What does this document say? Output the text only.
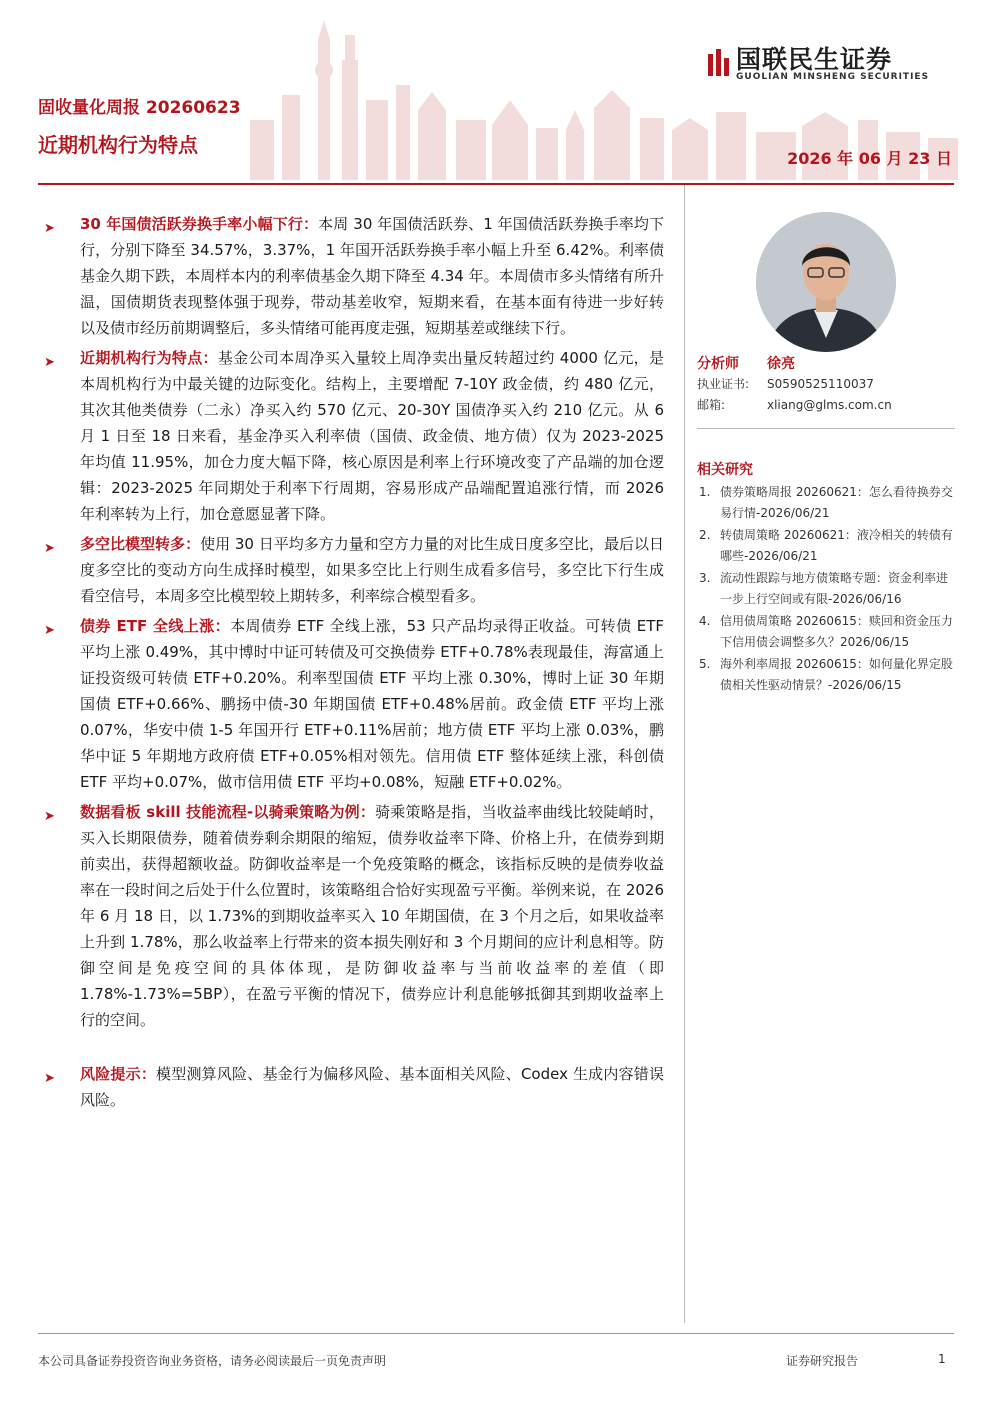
固收量化周报 20260623
近期机构行为特点
2026 年 06 月 23 日
国联民生证券
GUOLIAN MINSHENG SECURITIES
➤ 30 年国债活跃券换手率小幅下行：本周 30 年国债活跃券、1 年国债活跃券换手率均下行，分别下降至 34.57%，3.37%，1 年国开活跃券换手率小幅上升至 6.42%。利率债基金久期下跌，本周样本内的利率债基金久期下降至 4.34 年。本周债市多头情绪有所升温，国债期货表现整体强于现券，带动基差收窄，短期来看，在基本面有待进一步好转以及债市经历前期调整后，多头情绪可能再度走强，短期基差或继续下行。
➤ 近期机构行为特点：基金公司本周净买入量较上周净卖出量反转超过约 4000 亿元，是本周机构行为中最关键的边际变化。结构上，主要增配 7-10Y 政金债，约 480 亿元，其次其他类债券（二永）净买入约 570 亿元、20-30Y 国债净买入约 210 亿元。从 6 月 1 日至 18 日来看，基金净买入利率债（国债、政金债、地方债）仅为 2023-2025 年均值 11.95%，加仓力度大幅下降，核心原因是利率上行环境改变了产品端的加仓逻辑：2023-2025 年同期处于利率下行周期，容易形成产品端配置追涨行情，而 2026 年利率转为上行，加仓意愿显著下降。
➤ 多空比模型转多：使用 30 日平均多方力量和空方力量的对比生成日度多空比，最后以日度多空比的变动方向生成择时模型，如果多空比上行则生成看多信号，多空比下行生成看空信号，本周多空比模型较上期转多，利率综合模型看多。
➤ 债券 ETF 全线上涨：本周债券 ETF 全线上涨，53 只产品均录得正收益。可转债 ETF 平均上涨 0.49%，其中博时中证可转债及可交换债券 ETF+0.78%表现最佳，海富通上证投资级可转债 ETF+0.20%。利率型国债 ETF 平均上涨 0.30%，博时上证 30 年期国债 ETF+0.66%、鹏扬中债-30 年期国债 ETF+0.48%居前。政金债 ETF 平均上涨 0.07%，华安中债 1-5 年国开行 ETF+0.11%居前；地方债 ETF 平均上涨 0.03%，鹏华中证 5 年期地方政府债 ETF+0.05%相对领先。信用债 ETF 整体延续上涨，科创债 ETF 平均+0.07%，做市信用债 ETF 平均+0.08%，短融 ETF+0.02%。
➤ 数据看板 skill 技能流程-以骑乘策略为例：骑乘策略是指，当收益率曲线比较陡峭时，买入长期限债券，随着债券剩余期限的缩短，债券收益率下降、价格上升，在债券到期前卖出，获得超额收益。防御收益率是一个免疫策略的概念，该指标反映的是债券收益率在一段时间之后处于什么位置时，该策略组合恰好实现盈亏平衡。举例来说，在 2026 年 6 月 18 日，以 1.73%的到期收益率买入 10 年期国债，在 3 个月之后，如果收益率上升到 1.78%，那么收益率上行带来的资本损失刚好和 3 个月期间的应计利息相等。防御空间是免疫空间的具体体现，是防御收益率与当前收益率的差值（即 1.78%-1.73%=5BP），在盈亏平衡的情况下，债券应计利息能够抵御其到期收益率上行的空间。
➤ 风险提示：模型测算风险、基金行为偏移风险、基本面相关风险、Codex 生成内容错误风险。
分析师 徐亮
执业证书: S0590525110037
邮箱:	xliang@glms.com.cn
相关研究
1. 债券策略周报 20260621：怎么看待换券交易行情-2026/06/21
2. 转债周策略 20260621：液冷相关的转债有哪些-2026/06/21
3. 流动性跟踪与地方债策略专题：资金利率进一步上行空间或有限-2026/06/16
4. 信用债周策略 20260615：赎回和资金压力下信用债会调整多久？2026/06/15
5. 海外利率周报 20260615：如何量化界定股债相关性驱动情景？-2026/06/15
本公司具备证券投资咨询业务资格，请务必阅读最后一页免责声明	证券研究报告	1
